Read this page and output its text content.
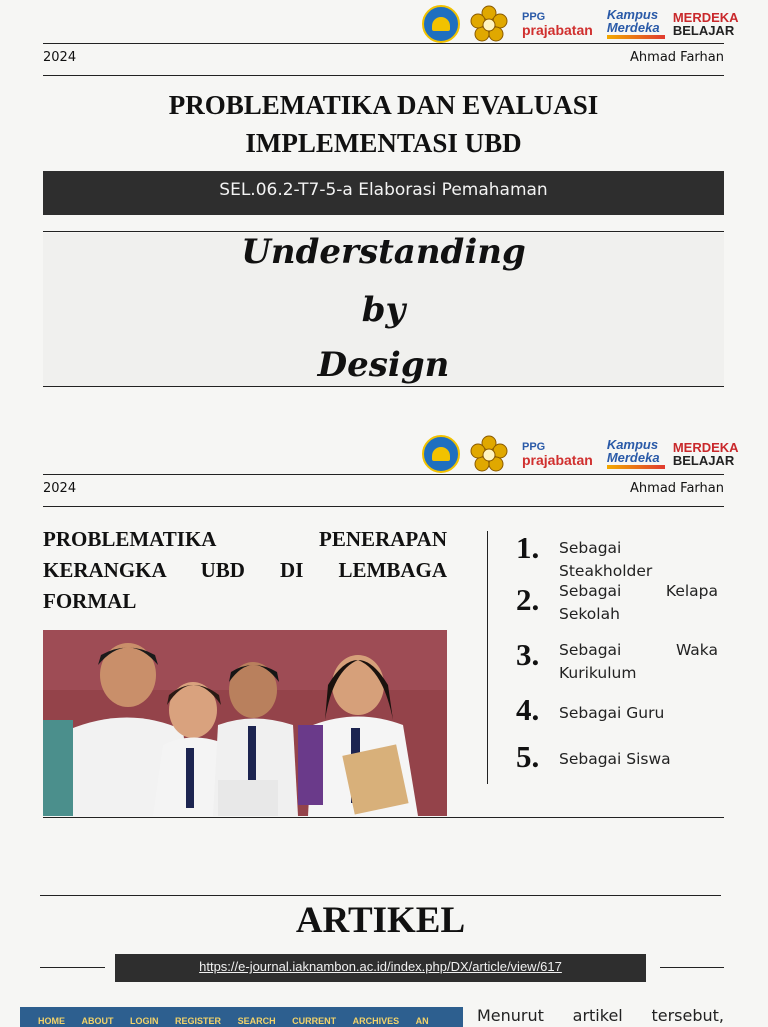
PPG
prajabatan
Kampus
Merdeka
MERDEKA
BELAJAR
2024	Ahmad Farhan
PROBLEMATIKA DAN EVALUASI
IMPLEMENTASI UBD
SEL.06.2-T7-5-a Elaborasi Pemahaman
Understanding
by
Design
PPG
prajabatan
Kampus
Merdeka
MERDEKA
BELAJAR
2024	Ahmad Farhan
PROBLEMATIKA PENERAPAN KERANGKA UBD DI LEMBAGA FORMAL
1. Sebagai Steakholder
2. Sebagai Kelapa Sekolah
3. Sebagai Waka Kurikulum
4. Sebagai Guru
5. Sebagai Siswa
ARTIKEL
https://e-journal.iaknambon.ac.id/index.php/DX/article/view/617
HOME ABOUT LOGIN REGISTER SEARCH CURRENT ARCHIVES AN	Menurut artikel tersebut,
